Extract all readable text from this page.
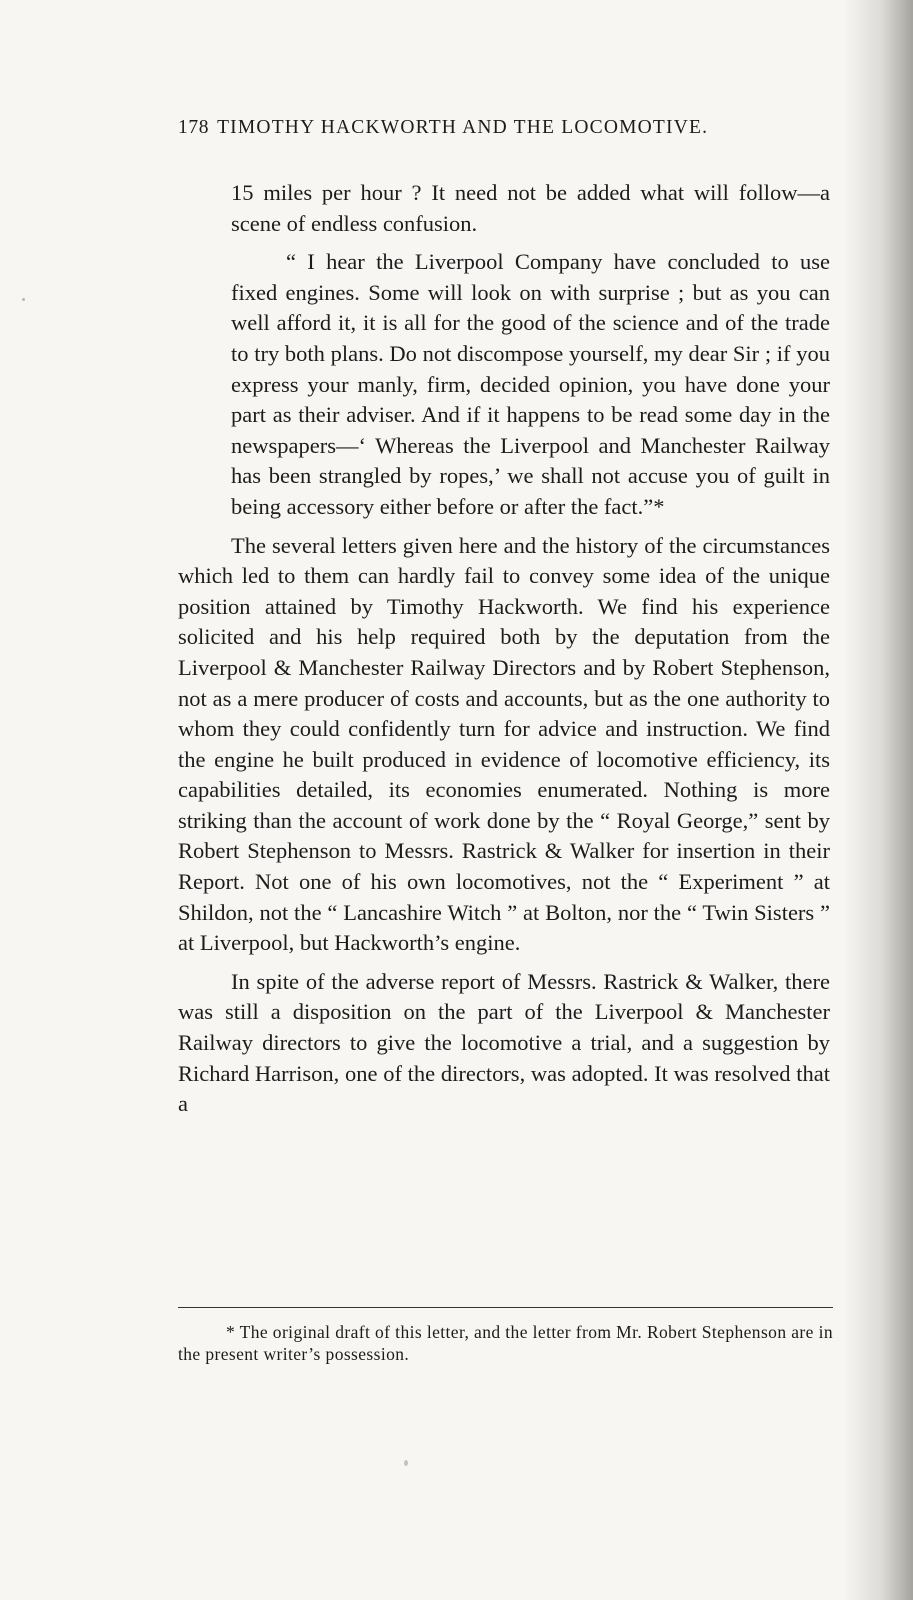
178 TIMOTHY HACKWORTH AND THE LOCOMOTIVE.

15 miles per hour ? It need not be added what will follow—a scene of endless confusion.

“ I hear the Liverpool Company have concluded to use fixed engines. Some will look on with surprise ; but as you can well afford it, it is all for the good of the science and of the trade to try both plans. Do not discompose yourself, my dear Sir ; if you express your manly, firm, decided opinion, you have done your part as their adviser. And if it happens to be read some day in the newspapers—‘ Whereas the Liverpool and Manchester Railway has been strangled by ropes,’ we shall not accuse you of guilt in being accessory either before or after the fact.”*

The several letters given here and the history of the circumstances which led to them can hardly fail to convey some idea of the unique position attained by Timothy Hackworth. We find his experience solicited and his help required both by the deputation from the Liverpool & Manchester Railway Directors and by Robert Stephenson, not as a mere producer of costs and accounts, but as the one authority to whom they could confidently turn for advice and instruction. We find the engine he built produced in evidence of locomotive efficiency, its capabilities detailed, its economies enumerated. Nothing is more striking than the account of work done by the “ Royal George,” sent by Robert Stephenson to Messrs. Rastrick & Walker for insertion in their Report. Not one of his own locomotives, not the “ Experiment ” at Shildon, not the “ Lancashire Witch ” at Bolton, nor the “ Twin Sisters ” at Liverpool, but Hackworth’s engine.

In spite of the adverse report of Messrs. Rastrick & Walker, there was still a disposition on the part of the Liverpool & Manchester Railway directors to give the locomotive a trial, and a suggestion by Richard Harrison, one of the directors, was adopted. It was resolved that a

* The original draft of this letter, and the letter from Mr. Robert Stephenson are in the present writer’s possession.
